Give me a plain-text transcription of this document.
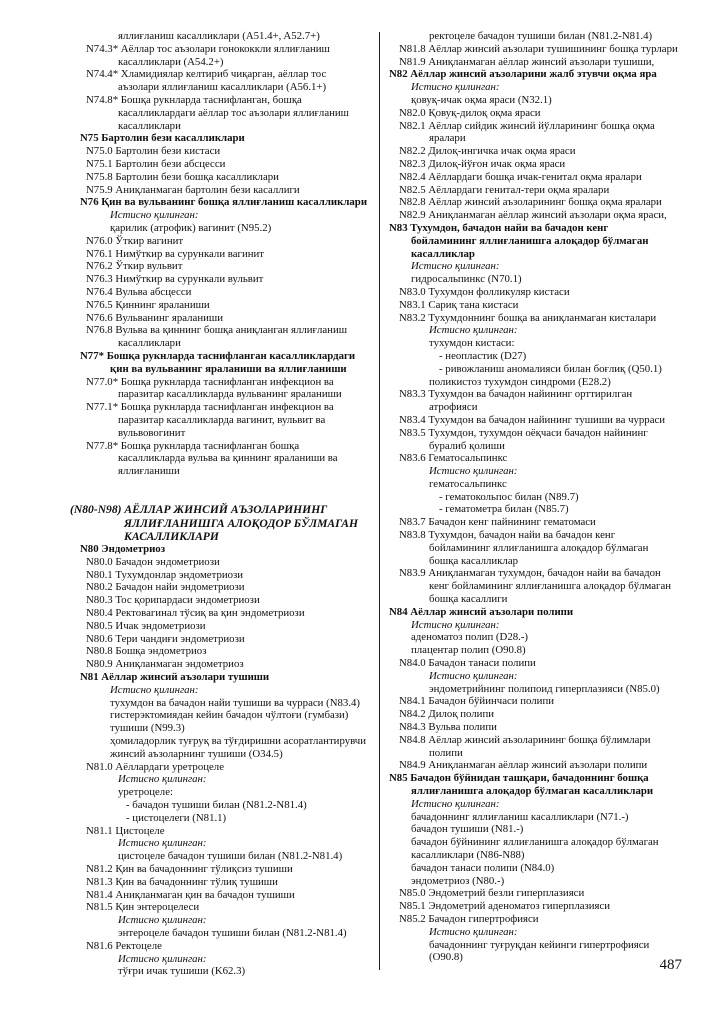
яллиғланиш касалликлари (A51.4+, A52.7+)
N74.3* Аёллар тос аъзолари гонококкли яллиғланиш
касалликлари (A54.2+)
N74.4* Хламидиялар келтириб чиқарган, аёллар тос
аъзолари яллиғланиш касалликлари (A56.1+)
N74.8* Бошқа рукнларда таснифланган, бошқа
касалликлардаги аёллар тос аъзолари яллиғланиш
касалликлари
N75 Бартолин бези касалликлари
N75.0 Бартолин бези кистаси
N75.1 Бартолин бези абсцесси
N75.8 Бартолин бези бошқа касалликлари
N75.9 Аниқланмаган бартолин бези касаллиги
N76 Қин ва вульванинг бошқа яллиғланиш касалликлари
Истисно қилинган:
қарилик (атрофик) вагинит (N95.2)
N76.0 Ўткир вагинит
N76.1 Нимўткир ва сурункали вагинит
N76.2 Ўткир вульвит
N76.3 Нимўткир ва сурункали вульвит
N76.4 Вульва абсцесси
N76.5 Қиннинг яраланиши
N76.6 Вульванинг яраланиши
N76.8 Вульва ва қиннинг бошқа аниқланган яллиғланиш
касалликлари
N77* Бошқа рукнларда таснифланган касалликлардаги
қин ва вульванинг яраланиши ва яллиғланиши
N77.0* Бошқа рукнларда таснифланган инфекцион ва
паразитар касалликларда вульванинг яраланиши
N77.1* Бошқа рукнларда таснифланган инфекцион ва
паразитар касалликларда вагинит, вульвит ва
вульвовогинит
N77.8* Бошқа рукнларда таснифланган бошқа
касалликларда вульва ва қиннинг яраланиши ва
яллиғланиши
(N80-N98) АЁЛЛАР ЖИНСИЙ АЪЗОЛАРИНИНГ
ЯЛЛИҒЛАНИШГА АЛОҚОДОР БЎЛМАГАН
КАСАЛЛИКЛАРИ
N80 Эндометриоз
N80.0 Бачадон эндометриози
N80.1 Тухумдонлар эндометриози
N80.2 Бачадон найи эндометриози
N80.3 Тос қорипардаси эндометриози
N80.4 Ректовагинал тўсиқ ва қин эндометриози
N80.5 Ичак эндометриози
N80.6 Тери чандиғи эндометриози
N80.8 Бошқа эндометриоз
N80.9 Аниқланмаган эндометриоз
N81 Аёллар жинсий аъзолари тушиши
Истисно қилинган:
тухумдон ва бачадон найи тушиши ва чурраси (N83.4)
гистерэктомиядан кейин бачадон чўлтоғи (гумбази)
тушиши (N99.3)
ҳомиладорлик туғруқ ва тўғдиришни асоратлантирувчи
жинсий аъзоларнинг тушиши (O34.5)
N81.0 Аёллардаги уретроцеле
Истисно қилинган:
уретроцеле:
- бачадон тушиши билан (N81.2-N81.4)
- цистоцелеги (N81.1)
N81.1 Цистоцеле
Истисно қилинган:
цистоцеле бачадон тушиши билан (N81.2-N81.4)
N81.2 Қин ва бачадоннинг тўлиқсиз тушиши
N81.3 Қин ва бачадоннинг тўлиқ тушиши
N81.4 Аниқланмаган қин ва бачадон тушиши
N81.5 Қин энтероцелеси
Истисно қилинган:
энтероцеле бачадон тушиши билан (N81.2-N81.4)
N81.6 Ректоцеле
Истисно қилинган:
тўғри ичак тушиши (K62.3)
ректоцеле бачадон тушиши билан (N81.2-N81.4)
N81.8 Аёллар жинсий аъзолари тушишининг бошқа турлари
N81.9 Аниқланмаган аёллар жинсий аъзолари тушиши,
N82 Аёллар жинсий аъзоларини жалб этувчи оқма яра
Истисно қилинган:
қовуқ-ичак оқма яраси (N32.1)
N82.0 Қовуқ-дилоқ оқма яраси
N82.1 Аёллар сийдик жинсий йўлларининг бошқа оқма
яралари
N82.2 Дилоқ-ингичка ичак оқма яраси
N82.3 Дилоқ-йўғон ичак оқма яраси
N82.4 Аёллардаги бошқа ичак-генитал оқма яралари
N82.5 Аёллардаги генитал-тери оқма яралари
N82.8 Аёллар жинсий аъзоларининг бошқа оқма яралари
N82.9 Аниқланмаган аёллар жинсий аъзолари оқма яраси,
N83 Тухумдон, бачадон найи ва бачадон кенг
бойламининг яллиғланишга алоқадор бўлмаган
касалликлар
Истисно қилинган:
гидросальпинкс (N70.1)
N83.0 Тухумдон фолликуляр кистаси
N83.1 Сариқ тана кистаси
N83.2 Тухумдоннинг бошқа ва аниқланмаган кисталари
Истисно қилинган:
тухумдон кистаси:
- неопластик (D27)
- ривожланиш аномалияси билан боғлиқ (Q50.1)
поликистоз тухумдон синдроми (E28.2)
N83.3 Тухумдон ва бачадон найининг орттирилган
атрофияси
N83.4 Тухумдон ва бачадон найининг тушиши ва чурраси
N83.5 Тухумдон, тухумдон оёқчаси бачадон найининг
буралиб қолиши
N83.6 Гематосальпинкс
Истисно қилинган:
гематосальпинкс
- гематокольпос билан (N89.7)
- гематометра билан (N85.7)
N83.7 Бачадон кенг пайнининг гематомаси
N83.8 Тухумдон, бачадон найи ва бачадон кенг
бойламининг яллиғланишга алоқадор бўлмаган
бошқа касалликлар
N83.9 Аниқланмаган тухумдон, бачадон найи ва бачадон
кенг бойламининг яллиғланишга алоқадор бўлмаган
бошқа касаллиги
N84 Аёллар жинсий аъзолари полипи
Истисно қилинган:
аденоматоз полип (D28.-)
плацентар полип (O90.8)
N84.0 Бачадон танаси полипи
Истисно қилинган:
эндометрийнинг полипоид гиперплазияси (N85.0)
N84.1 Бачадон бўйинчаси полипи
N84.2 Дилоқ полипи
N84.3 Вульва полипи
N84.8 Аёллар жинсий аъзоларининг бошқа бўлимлари
полипи
N84.9 Аниқланмаган аёллар жинсий аъзолари полипи
N85 Бачадон бўйнидан ташқари, бачадоннинг бошқа
яллиғланишга алоқадор бўлмаган касалликлари
Истисно қилинган:
бачадоннинг яллиғланиш касалликлари (N71.-)
бачадон тушиши (N81.-)
бачадон бўйнининг яллиғланишга алоқадор бўлмаган
касалликлари (N86-N88)
бачадон танаси полипи (N84.0)
эндометриоз (N80.-)
N85.0 Эндометрий безли гиперплазияси
N85.1 Эндометрий аденоматоз гиперплазияси
N85.2 Бачадон гипертрофияси
Истисно қилинган:
бачадоннинг туғруқдан кейинги гипертрофияси
(O90.8)	487
